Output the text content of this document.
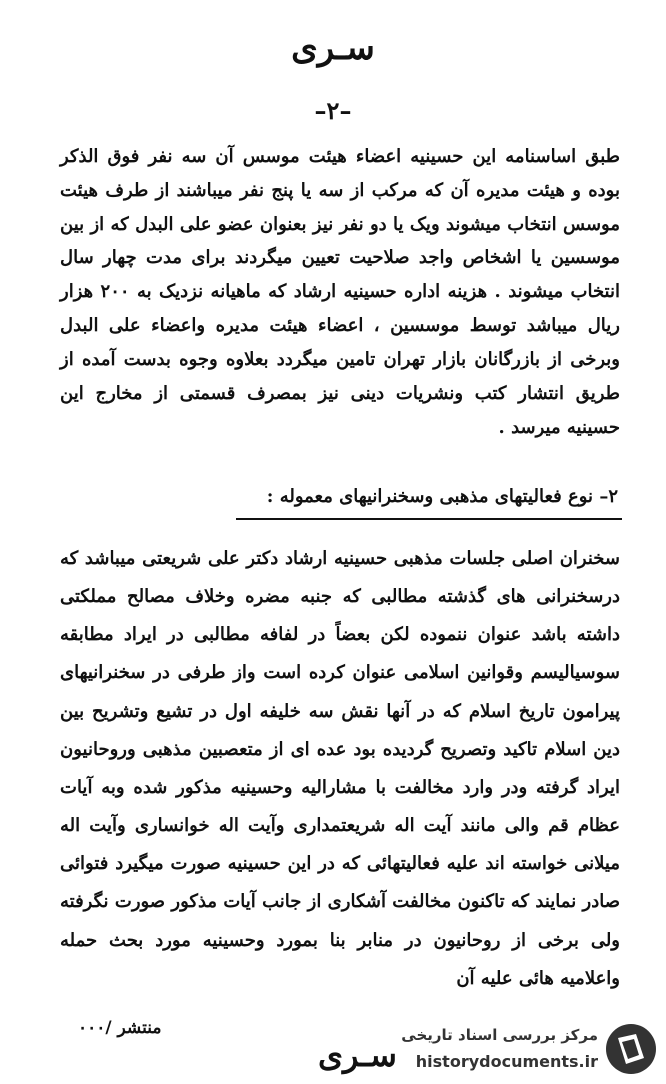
سـری
–۲–
طبق اساسنامه این حسینیه اعضاء هیئت موسس آن سه نفر فوق الذکر بوده و هیئت مدیره آن که مرکب از سه یا پنج نفر میباشند از طرف هیئت موسس انتخاب میشوند ویک یا دو نفر نیز بعنوان عضو علی البدل که از بین موسسین یا اشخاص واجد صلاحیت تعیین میگردند برای مدت چهار سال انتخاب میشوند . هزینه اداره حسینیه ارشاد که ماهیانه نزدیک به ۲۰۰ هزار ریال میباشد توسط موسسین ، اعضاء هیئت مدیره واعضاء علی البدل وبرخی از بازرگانان بازار تهران تامین میگردد بعلاوه وجوه بدست آمده از طریق انتشار کتب ونشریات دینی نیز بمصرف قسمتی از مخارج این حسینیه میرسد .
۲– نوع فعالیتهای مذهبی وسخنرانیهای معموله :
سخنران اصلی جلسات مذهبی حسینیه ارشاد دکتر علی شریعتی میباشد که درسخنرانی های گذشته مطالبی که جنبه مضره وخلاف مصالح مملکتی داشته باشد عنوان ننموده لکن بعضاً در لفافه مطالبی در ایراد مطابقه سوسیالیسم وقوانین اسلامی عنوان کرده است واز طرفی در سخنرانیهای پیرامون تاریخ اسلام که در آنها نقش سه خلیفه اول در تشیع وتشریح بین دین اسلام تاکید وتصریح گردیده بود عده ای از متعصبین مذهبی وروحانیون ایراد گرفته ودر وارد مخالفت با مشارالیه وحسینیه مذکور شده وبه آیات عظام قم والی مانند آیت اله شریعتمداری وآیت اله خوانساری وآیت اله میلانی خواسته اند علیه فعالیتهائی که در این حسینیه صورت میگیرد فتوائی صادر نمایند که تاکنون مخالفت آشکاری از جانب آیات مذکور صورت نگرفته ولی برخی از روحانیون در منابر بنا بمورد وحسینیه مورد بحث حمله واعلامیه هائی علیه آن
منتشر /۰۰۰
سـری
مرکز بررسی اسناد تاریخی
historydocuments.ir
